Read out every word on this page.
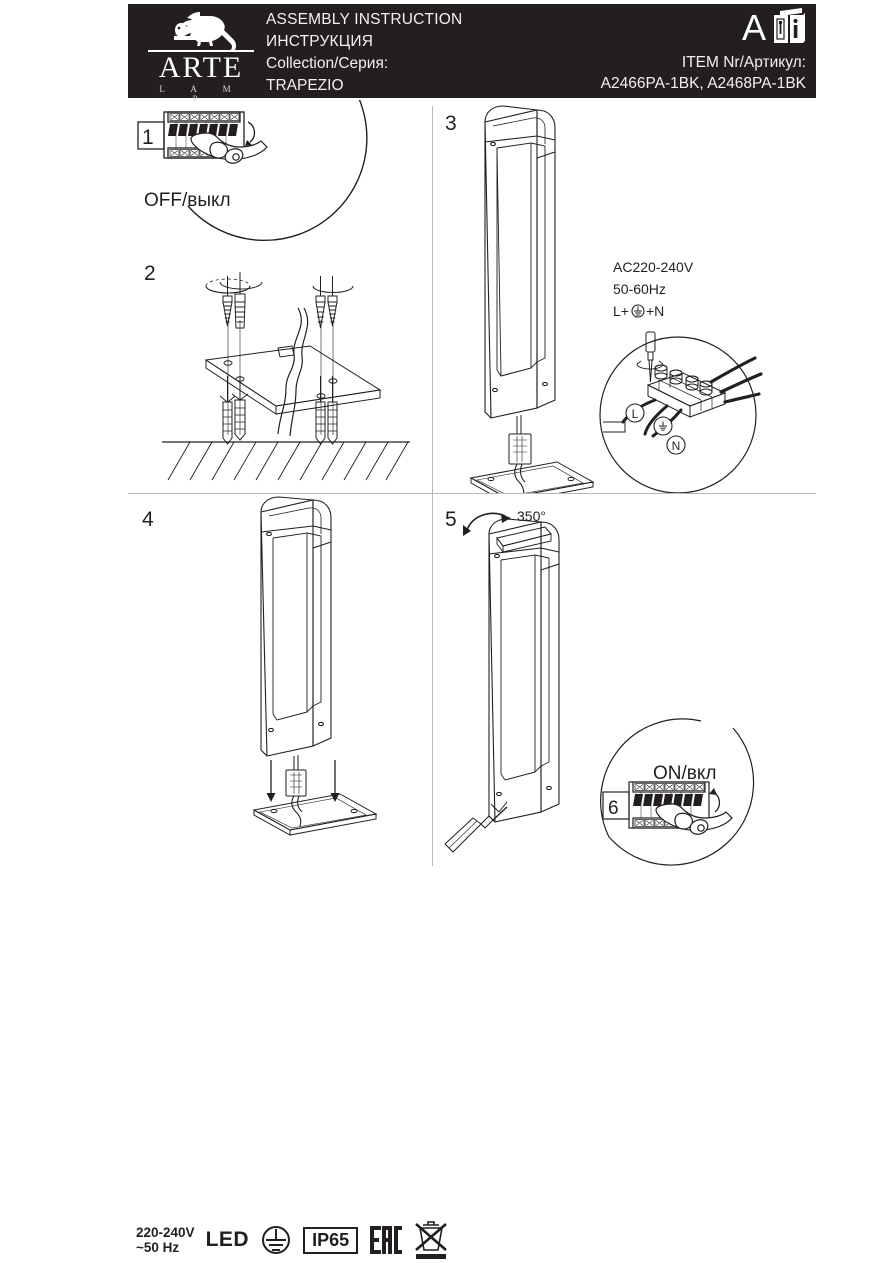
ARTE
L A M P
ASSEMBLY INSTRUCTION
ИНСТРУКЦИЯ
Collection/Серия:
TRAPEZIO
A
ITEM Nr/Артикул:
A2466PA-1BK, A2468PA-1BK
1
OFF/выкл
2
3
AC220-240V
50-60Hz
L+ +N
L
N
4
220-240V
~50 Hz	LED	IP65
5	350°
ON/вкл
6
